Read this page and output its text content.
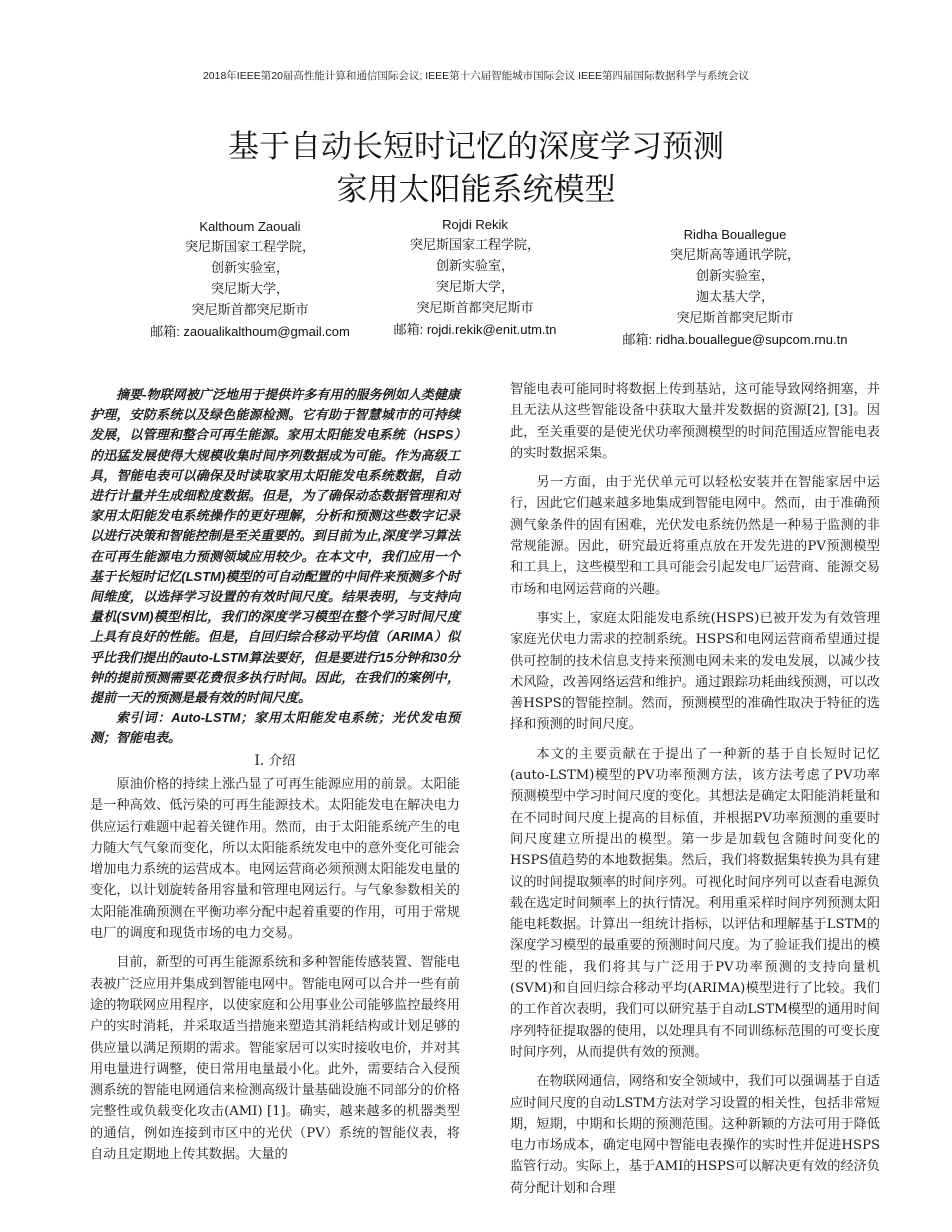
2018年IEEE第20届高性能计算和通信国际会议; IEEE第十六届智能城市国际会议 IEEE第四届国际数据科学与系统会议
基于自动长短时记忆的深度学习预测
家用太阳能系统模型
Kalthoum Zaouali
突尼斯国家工程学院，
创新实验室，
突尼斯大学，
突尼斯首都突尼斯市
邮箱: zaoualikalthoum@gmail.com
Rojdi Rekik
突尼斯国家工程学院，
创新实验室，
突尼斯大学，
突尼斯首都突尼斯市
邮箱: rojdi.rekik@enit.utm.tn
Ridha Bouallegue
突尼斯高等通讯学院，
创新实验室，
迦太基大学，
突尼斯首都突尼斯市
邮箱: ridha.bouallegue@supcom.rnu.tn

摘要-物联网被广泛地用于提供许多有用的服务例如人类健康护理，安防系统以及绿色能源检测。它有助于智慧城市的可持续发展，以管理和整合可再生能源。家用太阳能发电系统（HSPS）的迅猛发展使得大规模收集时间序列数据成为可能。作为高级工具，智能电表可以确保及时读取家用太阳能发电系统数据，自动进行计量并生成细粒度数据。但是，为了确保动态数据管理和对家用太阳能发电系统操作的更好理解，分析和预测这些数字记录以进行决策和智能控制是至关重要的。到目前为止,深度学习算法在可再生能源电力预测领域应用较少。在本文中，我们应用一个基于长短时记忆(LSTM)模型的可自动配置的中间件来预测多个时间维度，以选择学习设置的有效时间尺度。结果表明，与支持向量机(SVM)模型相比，我们的深度学习模型在整个学习时间尺度上具有良好的性能。但是，自回归综合移动平均值（ARIMA）似乎比我们提出的auto-LSTM算法要好，但是要进行15分钟和30分钟的提前预测需要花费很多执行时间。因此，在我们的案例中，提前一天的预测是最有效的时间尺度。

索引词：Auto-LSTM；家用太阳能发电系统；光伏发电预测；智能电表。

I. 介绍

原油价格的持续上涨凸显了可再生能源应用的前景。太阳能是一种高效、低污染的可再生能源技术。太阳能发电在解决电力供应运行难题中起着关键作用。然而，由于太阳能系统产生的电力随大气气象而变化，所以太阳能系统发电中的意外变化可能会增加电力系统的运营成本。电网运营商必须预测太阳能发电量的变化，以计划旋转备用容量和管理电网运行。与气象参数相关的太阳能准确预测在平衡功率分配中起着重要的作用，可用于常规电厂的调度和现货市场的电力交易。

目前，新型的可再生能源系统和多种智能传感装置、智能电表被广泛应用并集成到智能电网中。智能电网可以合并一些有前途的物联网应用程序，以使家庭和公用事业公司能够监控最终用户的实时消耗，并采取适当措施来塑造其消耗结构或计划足够的供应量以满足预期的需求。智能家居可以实时接收电价，并对其用电量进行调整，使日常用电量最小化。此外，需要结合入侵预测系统的智能电网通信来检测高级计量基础设施不同部分的价格完整性或负载变化攻击(AMI) [1]。确实，越来越多的机器类型的通信，例如连接到市区中的光伏（PV）系统的智能仪表，将自动且定期地上传其数据。大量的

智能电表可能同时将数据上传到基站，这可能导致网络拥塞，并且无法从这些智能设备中获取大量并发数据的资源[2], [3]。因此，至关重要的是使光伏功率预测模型的时间范围适应智能电表的实时数据采集。

另一方面，由于光伏单元可以轻松安装并在智能家居中运行，因此它们越来越多地集成到智能电网中。然而，由于准确预测气象条件的固有困难，光伏发电系统仍然是一种易于监测的非常规能源。因此，研究最近将重点放在开发先进的PV预测模型和工具上，这些模型和工具可能会引起发电厂运营商、能源交易市场和电网运营商的兴趣。

事实上，家庭太阳能发电系统(HSPS)已被开发为有效管理家庭光伏电力需求的控制系统。HSPS和电网运营商希望通过提供可控制的技术信息支持来预测电网未来的发电发展，以减少技术风险，改善网络运营和维护。通过跟踪功耗曲线预测，可以改善HSPS的智能控制。然而，预测模型的准确性取决于特征的选择和预测的时间尺度。

本文的主要贡献在于提出了一种新的基于自长短时记忆(auto-LSTM)模型的PV功率预测方法，该方法考虑了PV功率预测模型中学习时间尺度的变化。其想法是确定太阳能消耗量和在不同时间尺度上提高的目标值，并根据PV功率预测的重要时间尺度建立所提出的模型。第一步是加载包含随时间变化的HSPS值趋势的本地数据集。然后，我们将数据集转换为具有建议的时间提取频率的时间序列。可视化时间序列可以查看电源负载在选定时间频率上的执行情况。利用重采样时间序列预测太阳能电耗数据。计算出一组统计指标，以评估和理解基于LSTM的深度学习模型的最重要的预测时间尺度。为了验证我们提出的模型的性能，我们将其与广泛用于PV功率预测的支持向量机(SVM)和自回归综合移动平均(ARIMA)模型进行了比较。我们的工作首次表明，我们可以研究基于自动LSTM模型的通用时间序列特征提取器的使用，以处理具有不同训练标范围的可变长度时间序列，从而提供有效的预测。

在物联网通信，网络和安全领域中，我们可以强调基于自适应时间尺度的自动LSTM方法对学习设置的相关性，包括非常短期，短期，中期和长期的预测范围。这种新颖的方法可用于降低电力市场成本，确定电网中智能电表操作的实时性并促进HSPS监管行动。实际上，基于AMI的HSPS可以解决更有效的经济负荷分配计划和合理
